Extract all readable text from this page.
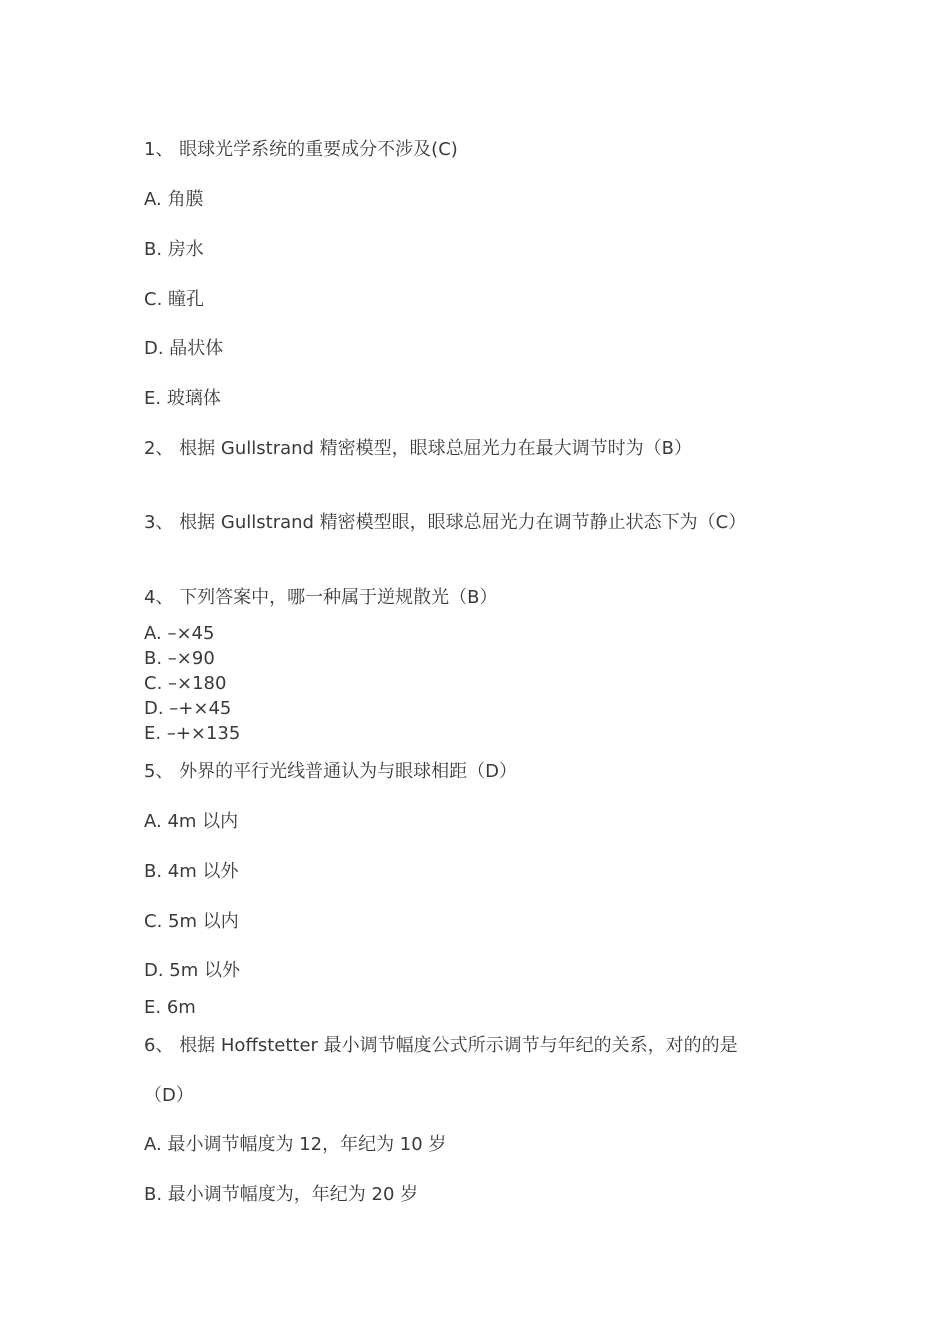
1、 眼球光学系统的重要成分不涉及(C)
A. 角膜
B. 房水
C. 瞳孔
D. 晶状体
E. 玻璃体
2、 根据 Gullstrand 精密模型，眼球总屈光力在最大调节时为（B）
3、 根据 Gullstrand 精密模型眼，眼球总屈光力在调节静止状态下为（C）
4、 下列答案中，哪一种属于逆规散光（B）
A. –×45
B. –×90
C. –×180
D. –+×45
E. –+×135
5、 外界的平行光线普通认为与眼球相距（D）
A. 4m 以内
B. 4m 以外
C. 5m 以内
D. 5m 以外
E. 6m
6、 根据 Hoffstetter 最小调节幅度公式所示调节与年纪的关系，对的的是
（D）
A. 最小调节幅度为 12，年纪为 10 岁
B. 最小调节幅度为，年纪为 20 岁
